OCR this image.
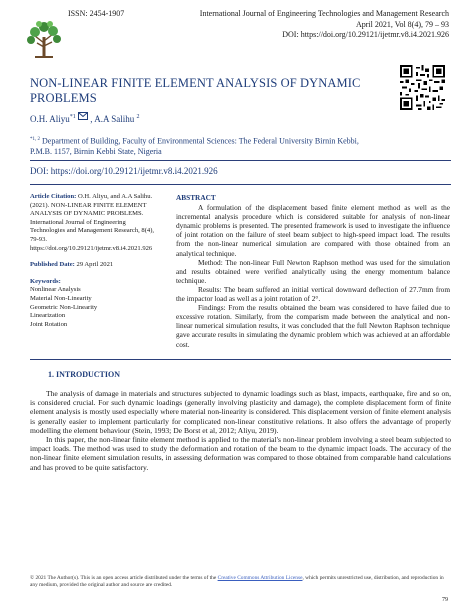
ISSN: 2454-1907	International Journal of Engineering Technologies and Management Research
April 2021, Vol 8(4), 79 – 93
DOI: https://doi.org/10.29121/ijetmr.v8.i4.2021.926
NON-LINEAR FINITE ELEMENT ANALYSIS OF DYNAMIC PROBLEMS
O.H. Aliyu$^{*1}$ , A.A Salihu $^2$
$^{*1, 2}$ Department of Building, Faculty of Environmental Sciences: The Federal University Birnin Kebbi, P.M.B. 1157, Birnin Kebbi State, Nigeria
DOI: https://doi.org/10.29121/ijetmr.v8.i4.2021.926
Article Citation: O.H. Aliyu, and A.A Salihu. (2021). NON-LINEAR FINITE ELEMENT ANALYSIS OF DYNAMIC PROBLEMS. International Journal of Engineering Technologies and Management Research, 8(4), 79-93. https://doi.org/10.29121/ijetmr.v8.i4.2021.926
Published Date: 29 April 2021
Keywords:
Nonlinear Analysis
Material Non-Linearity
Geometric Non-Linearity
Linearization
Joint Rotation
ABSTRACT

A formulation of the displacement based finite element method as well as the incremental analysis procedure which is considered suitable for analysis of non-linear dynamic problems is presented. The presented framework is used to investigate the influence of joint rotation on the failure of steel beam subject to high-speed impact load. The results from the non-linear numerical simulation are compared with those obtained from an analytical technique.

Method: The non-linear Full Newton Raphson method was used for the simulation and results obtained were verified analytically using the energy momentum balance technique.

Results: The beam suffered an initial vertical downward deflection of 27.7mm from the impactor load as well as a joint rotation of 2°.

Findings: From the results obtained the beam was considered to have failed due to excessive rotation. Similarly, from the comparism made between the analytical and non-linear numerical simulation results, it was concluded that the full Newton Raphson technique gave accurate results in simulating the dynamic problem which was achieved at an affordable cost.

1. INTRODUCTION

The analysis of damage in materials and structures subjected to dynamic loadings such as blast, impacts, earthquake, fire and so on, is considered crucial. For such dynamic loadings (generally involving plasticity and damage), the complete displacement form of finite element analysis is mostly used especially where material non-linearity is considered. This displacement version of finite element analysis is generally easier to implement particularly for complicated non-linear constitutive relations. It also offers the advantage of properly modelling the element behaviour (Stein, 1993; De Borst et al, 2012; Aliyu, 2019).

In this paper, the non-linear finite element method is applied to the material's non-linear problem involving a steel beam subjected to impact loads. The method was used to study the deformation and rotation of the beam to the dynamic impact loads. The accuracy of the non-linear finite element simulation results, in assessing deformation was compared to those obtained from comparable hand calculations and has proved to be quite satisfactory.

© 2021 The Author(s). This is an open access article distributed under the terms of the Creative Commons Attribution License, which permits unrestricted use, distribution, and reproduction in any medium, provided the original author and source are credited.
79
